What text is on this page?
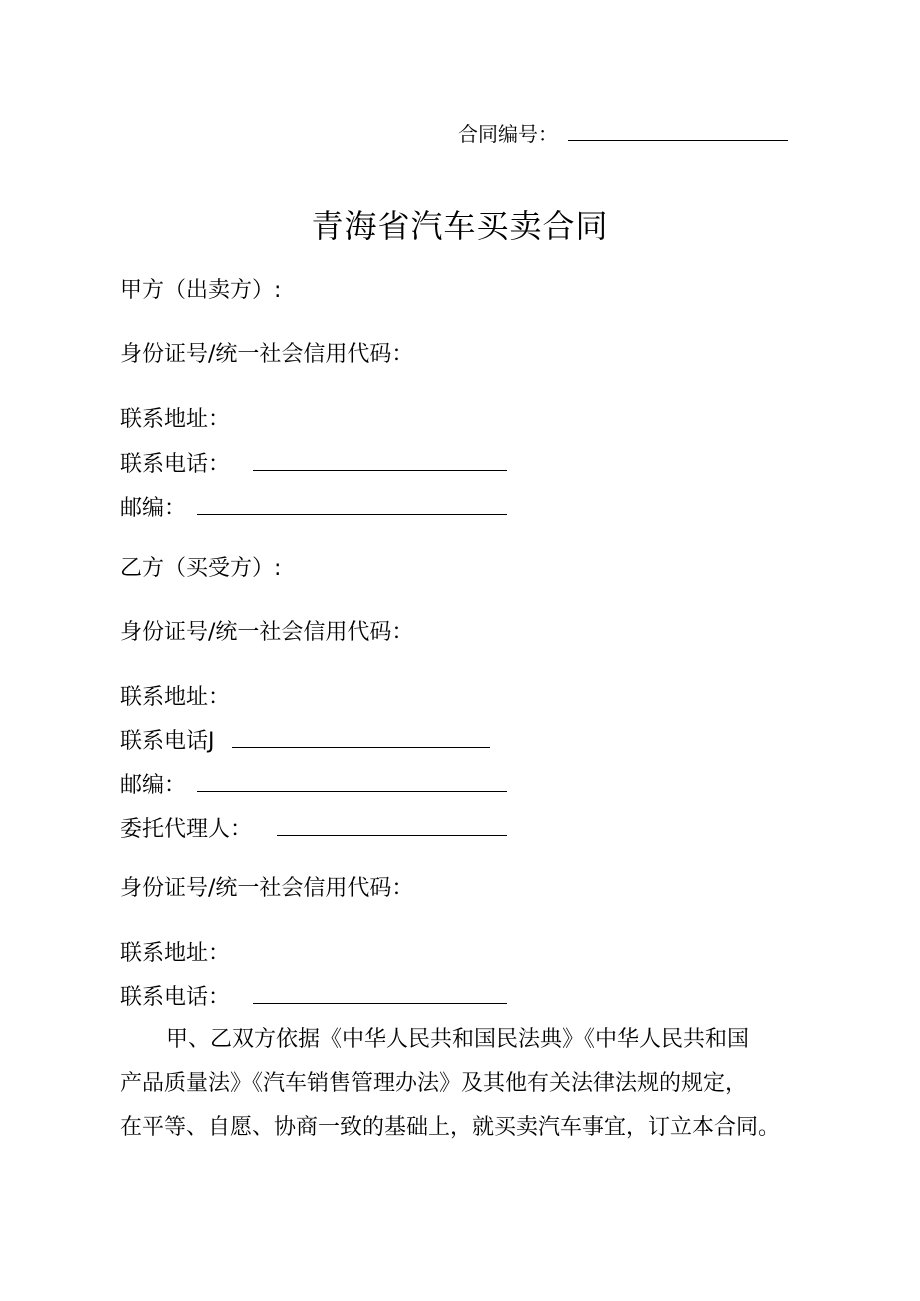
合同编号：
青海省汽车买卖合同
甲方（出卖方）:
身份证号/统一社会信用代码：
联系地址：
联系电话：
邮编：
乙方（买受方）:
身份证号/统一社会信用代码：
联系地址：
联系电话J
邮编：
委托代理人：
身份证号/统一社会信用代码：
联系地址：
联系电话：
甲、乙双方依据《中华人民共和国民法典》《中华人民共和国
产品质量法》《汽车销售管理办法》及其他有关法律法规的规定，
在平等、自愿、协商一致的基础上，就买卖汽车事宜，订立本合同。
